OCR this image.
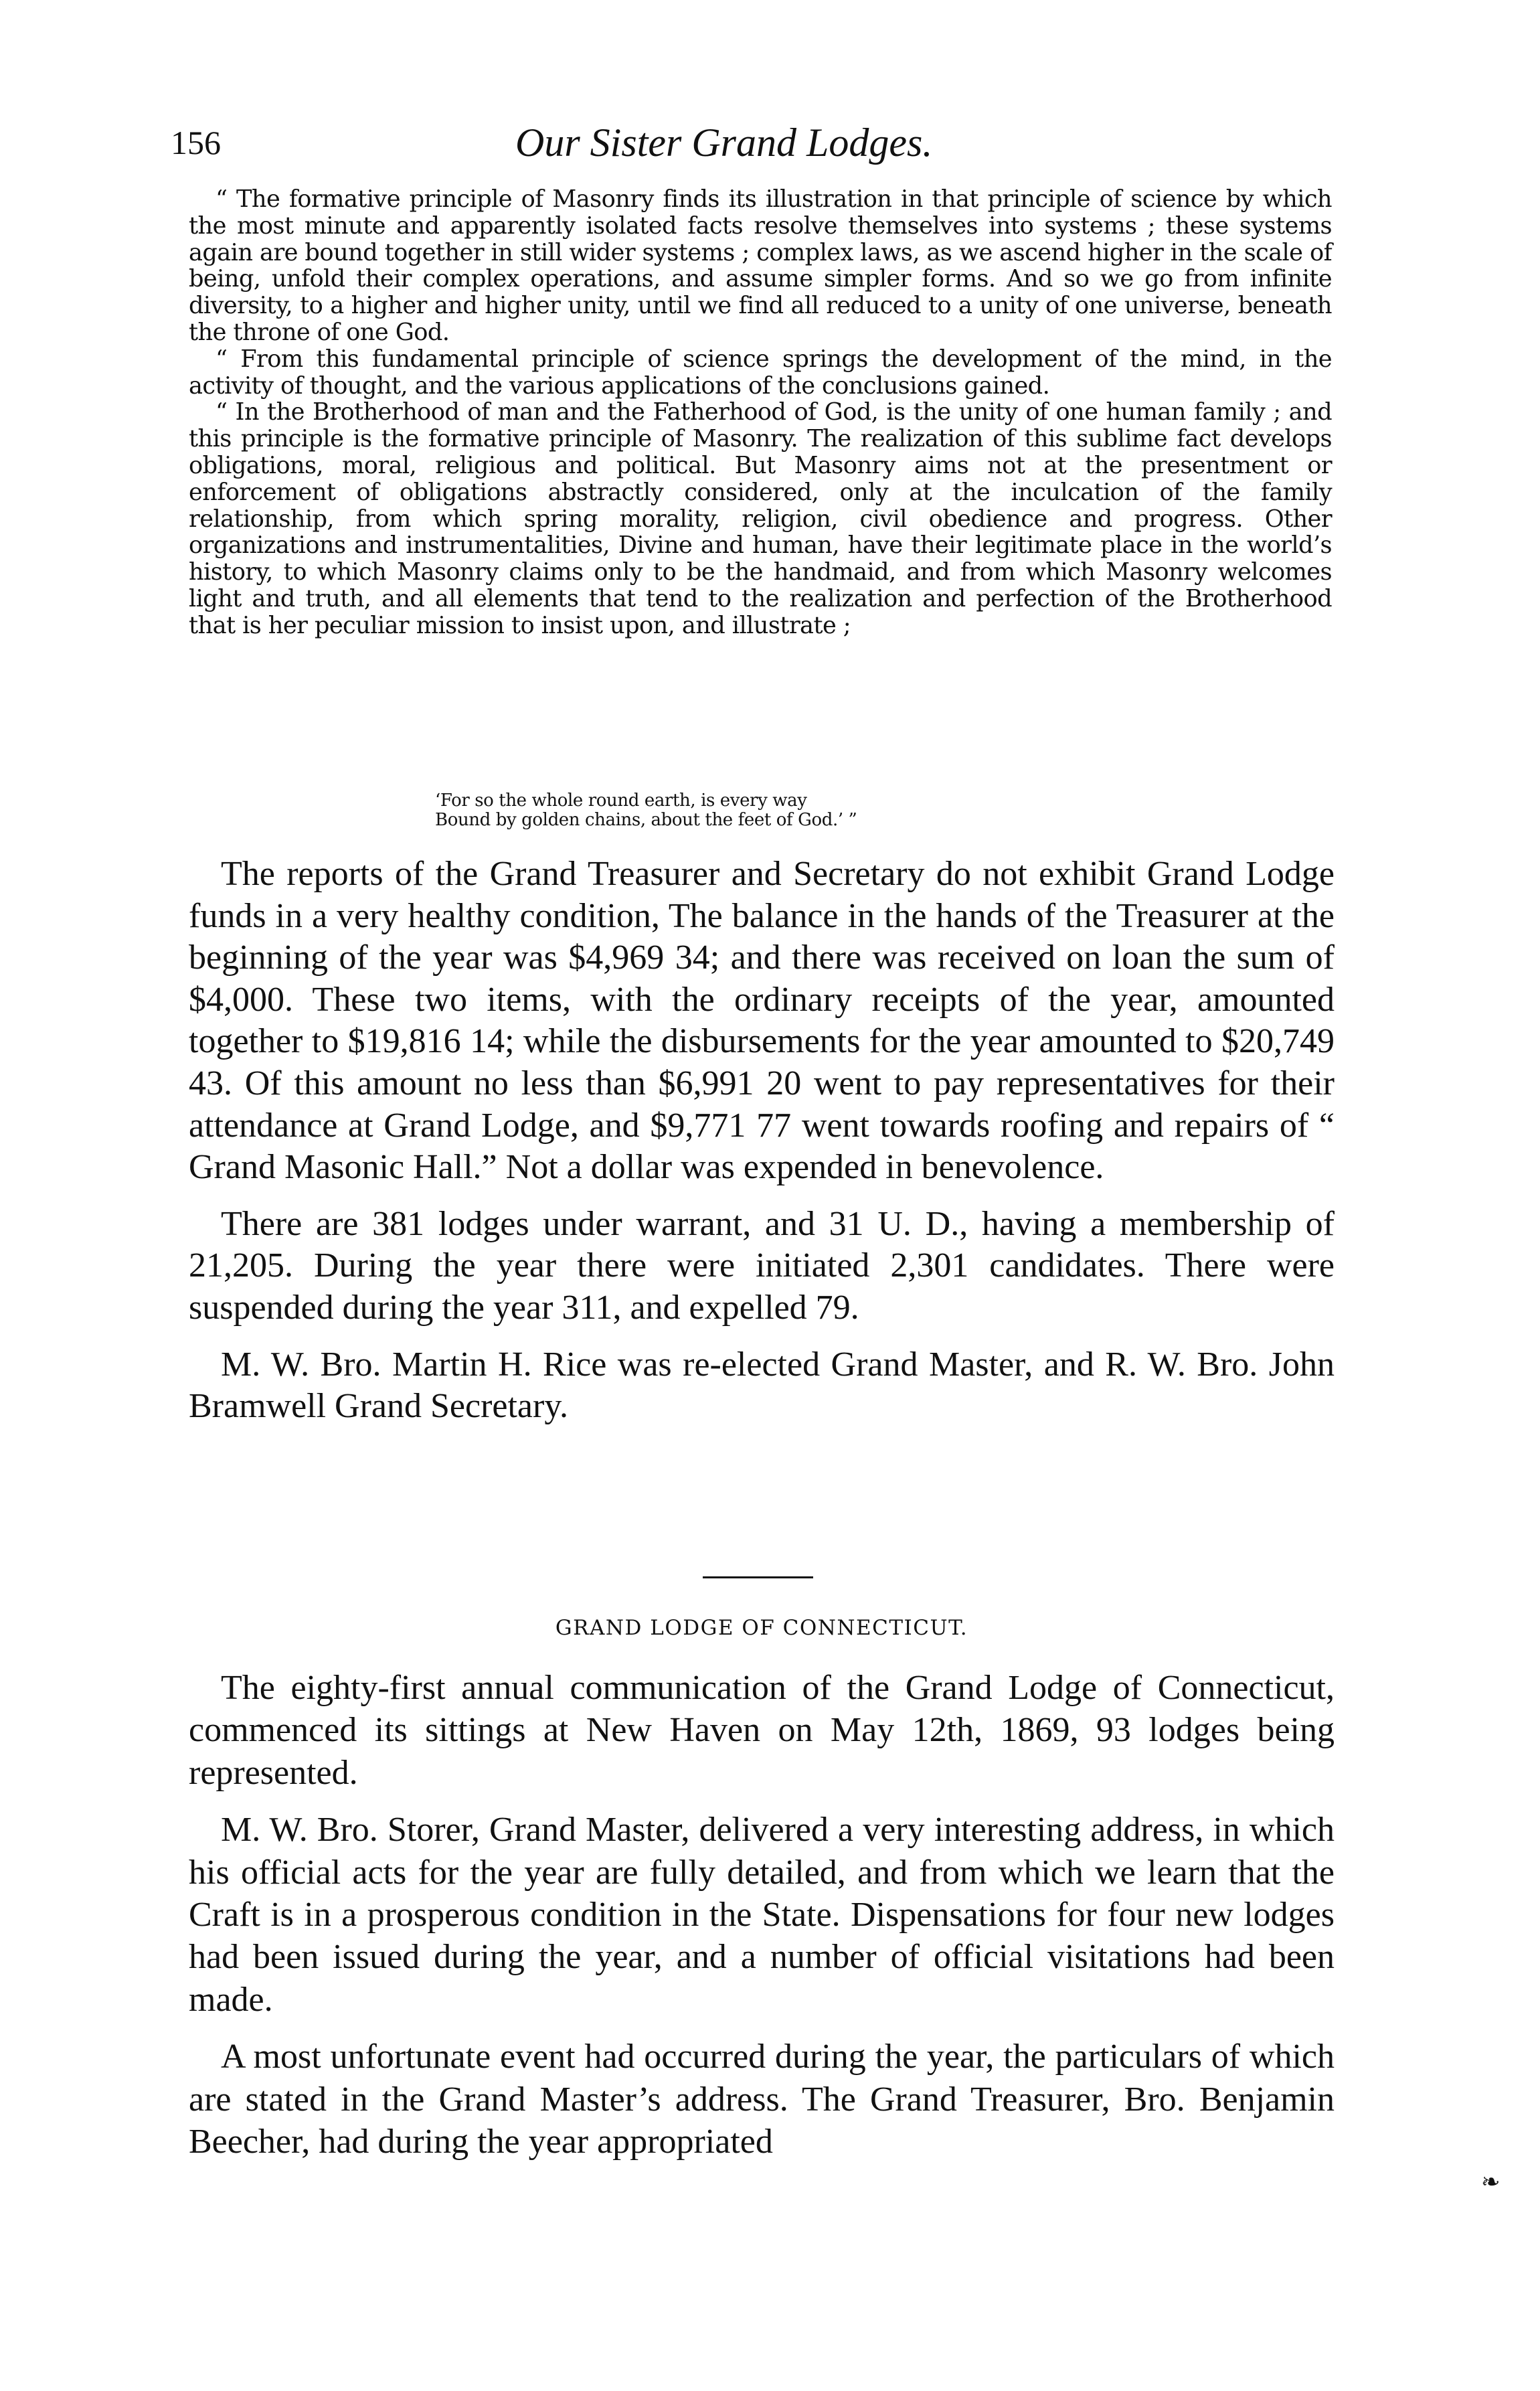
156	Our Sister Grand Lodges.

“ The formative principle of Masonry finds its illustration in that principle of science by which the most minute and apparently isolated facts resolve themselves into systems ; these systems again are bound together in still wider systems ; complex laws, as we ascend higher in the scale of being, unfold their complex operations, and assume simpler forms. And so we go from infinite diversity, to a higher and higher unity, until we find all reduced to a unity of one universe, beneath the throne of one God.

“ From this fundamental principle of science springs the development of the mind, in the activity of thought, and the various applications of the conclusions gained.

“ In the Brotherhood of man and the Fatherhood of God, is the unity of one human family ; and this principle is the formative principle of Masonry. The realization of this sublime fact develops obligations, moral, religious and political. But Masonry aims not at the presentment or enforcement of obligations abstractly considered, only at the inculcation of the family relationship, from which spring morality, religion, civil obedience and progress. Other organizations and instrumentalities, Divine and human, have their legitimate place in the world’s history, to which Masonry claims only to be the handmaid, and from which Masonry welcomes light and truth, and all elements that tend to the realization and perfection of the Brotherhood that is her peculiar mission to insist upon, and illustrate ;

‘For so the whole round earth, is every way
Bound by golden chains, about the feet of God.’ ”

The reports of the Grand Treasurer and Secretary do not exhibit Grand Lodge funds in a very healthy condition, The balance in the hands of the Treasurer at the beginning of the year was $4,969 34; and there was received on loan the sum of $4,000. These two items, with the ordinary receipts of the year, amounted together to $19,816 14; while the disbursements for the year amounted to $20,749 43. Of this amount no less than $6,991 20 went to pay representatives for their attendance at Grand Lodge, and $9,771 77 went towards roofing and repairs of “ Grand Masonic Hall.” Not a dollar was expended in benevolence.

There are 381 lodges under warrant, and 31 U. D., having a membership of 21,205. During the year there were initiated 2,301 candidates. There were suspended during the year 311, and expelled 79.

M. W. Bro. Martin H. Rice was re-elected Grand Master, and R. W. Bro. John Bramwell Grand Secretary.

GRAND LODGE OF CONNECTICUT.

The eighty-first annual communication of the Grand Lodge of Connecticut, commenced its sittings at New Haven on May 12th, 1869, 93 lodges being represented.

M. W. Bro. Storer, Grand Master, delivered a very interesting address, in which his official acts for the year are fully detailed, and from which we learn that the Craft is in a prosperous condition in the State. Dispensations for four new lodges had been issued during the year, and a number of official visitations had been made.

A most unfortunate event had occurred during the year, the particulars of which are stated in the Grand Master’s address. The Grand Treasurer, Bro. Benjamin Beecher, had during the year appropriated

❧
